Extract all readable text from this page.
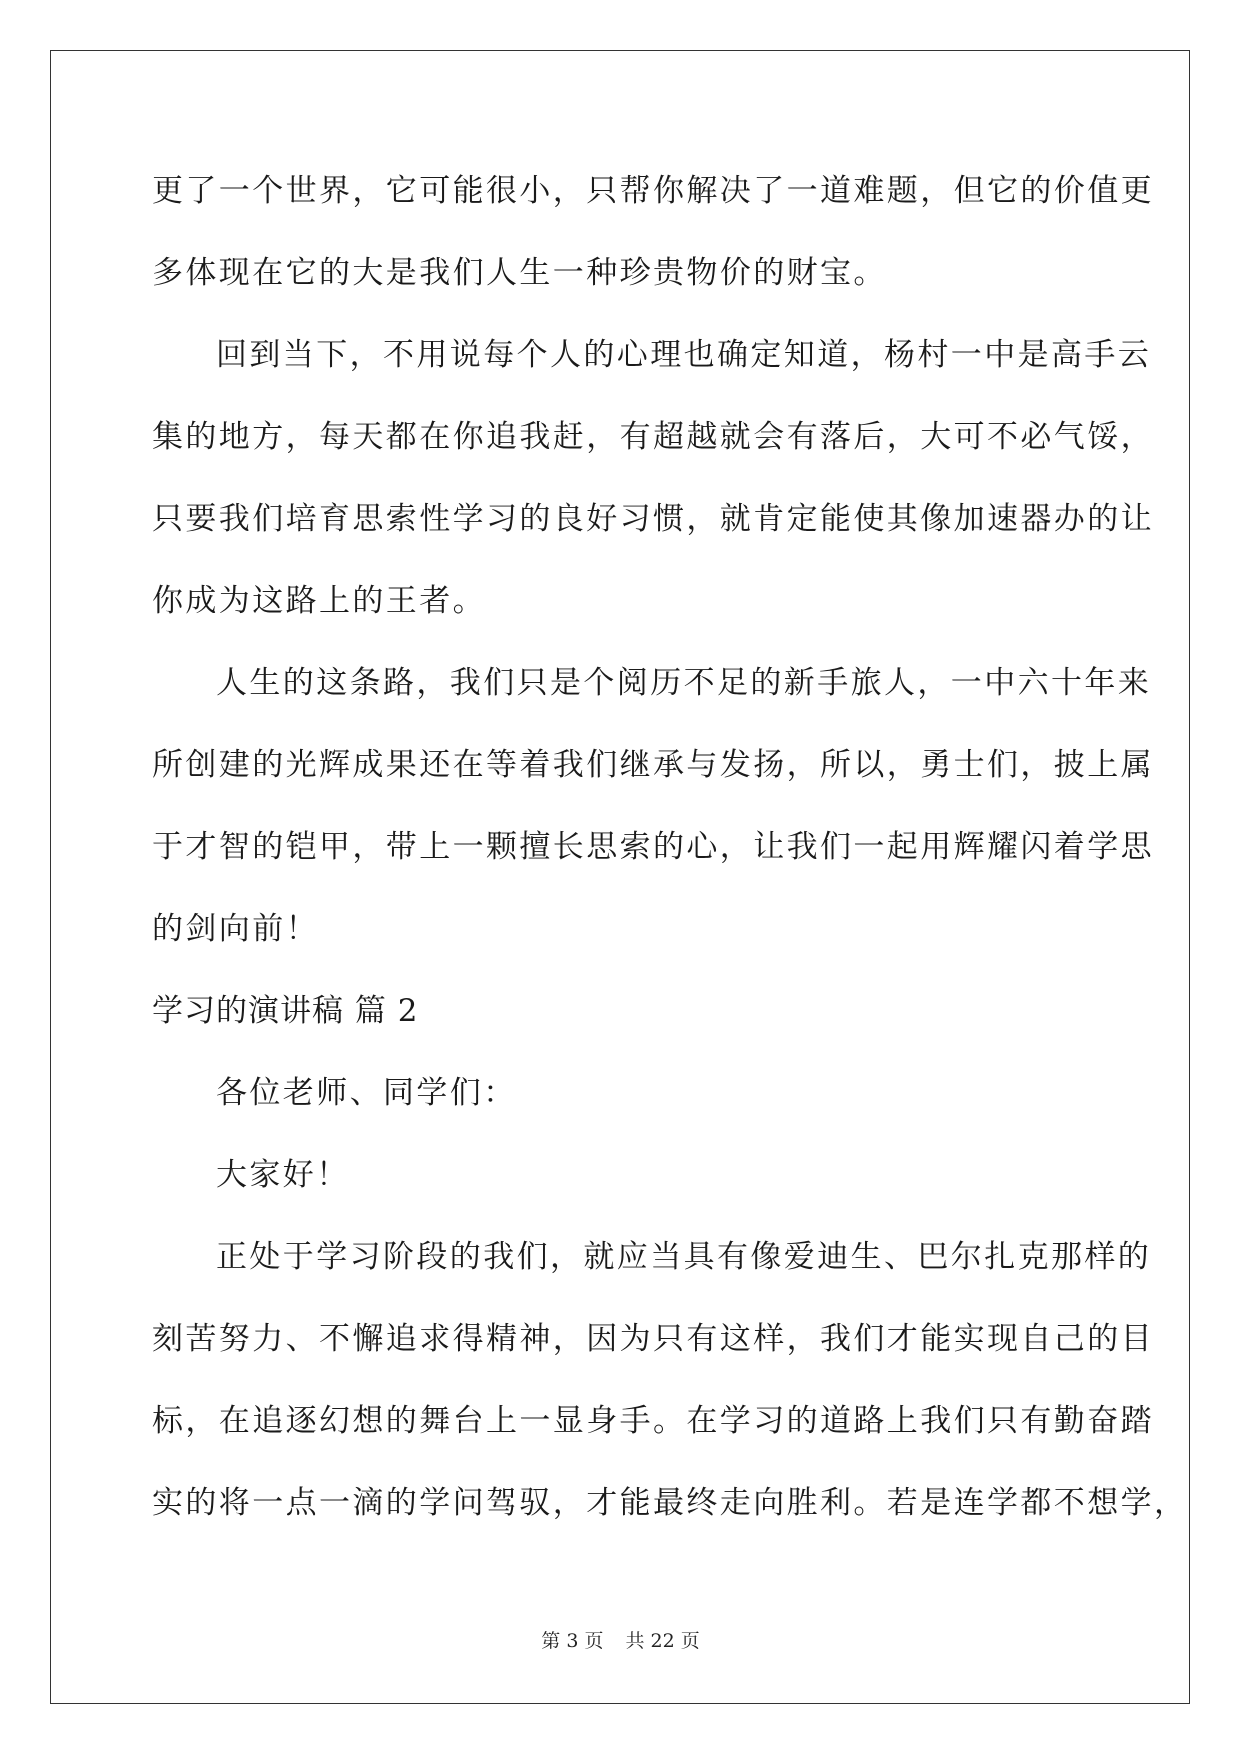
更了一个世界，它可能很小，只帮你解决了一道难题，但它的价值更
多体现在它的大是我们人生一种珍贵物价的财宝。
回到当下，不用说每个人的心理也确定知道，杨村一中是高手云
集的地方，每天都在你追我赶，有超越就会有落后，大可不必气馁，
只要我们培育思索性学习的良好习惯，就肯定能使其像加速器办的让
你成为这路上的王者。
人生的这条路，我们只是个阅历不足的新手旅人，一中六十年来
所创建的光辉成果还在等着我们继承与发扬，所以，勇士们，披上属
于才智的铠甲，带上一颗擅长思索的心，让我们一起用辉耀闪着学思
的剑向前！
学习的演讲稿 篇 2
各位老师、同学们：
大家好！
正处于学习阶段的我们，就应当具有像爱迪生、巴尔扎克那样的
刻苦努力、不懈追求得精神，因为只有这样，我们才能实现自己的目
标，在追逐幻想的舞台上一显身手。在学习的道路上我们只有勤奋踏
实的将一点一滴的学问驾驭，才能最终走向胜利。若是连学都不想学，
第 3 页 共 22 页
